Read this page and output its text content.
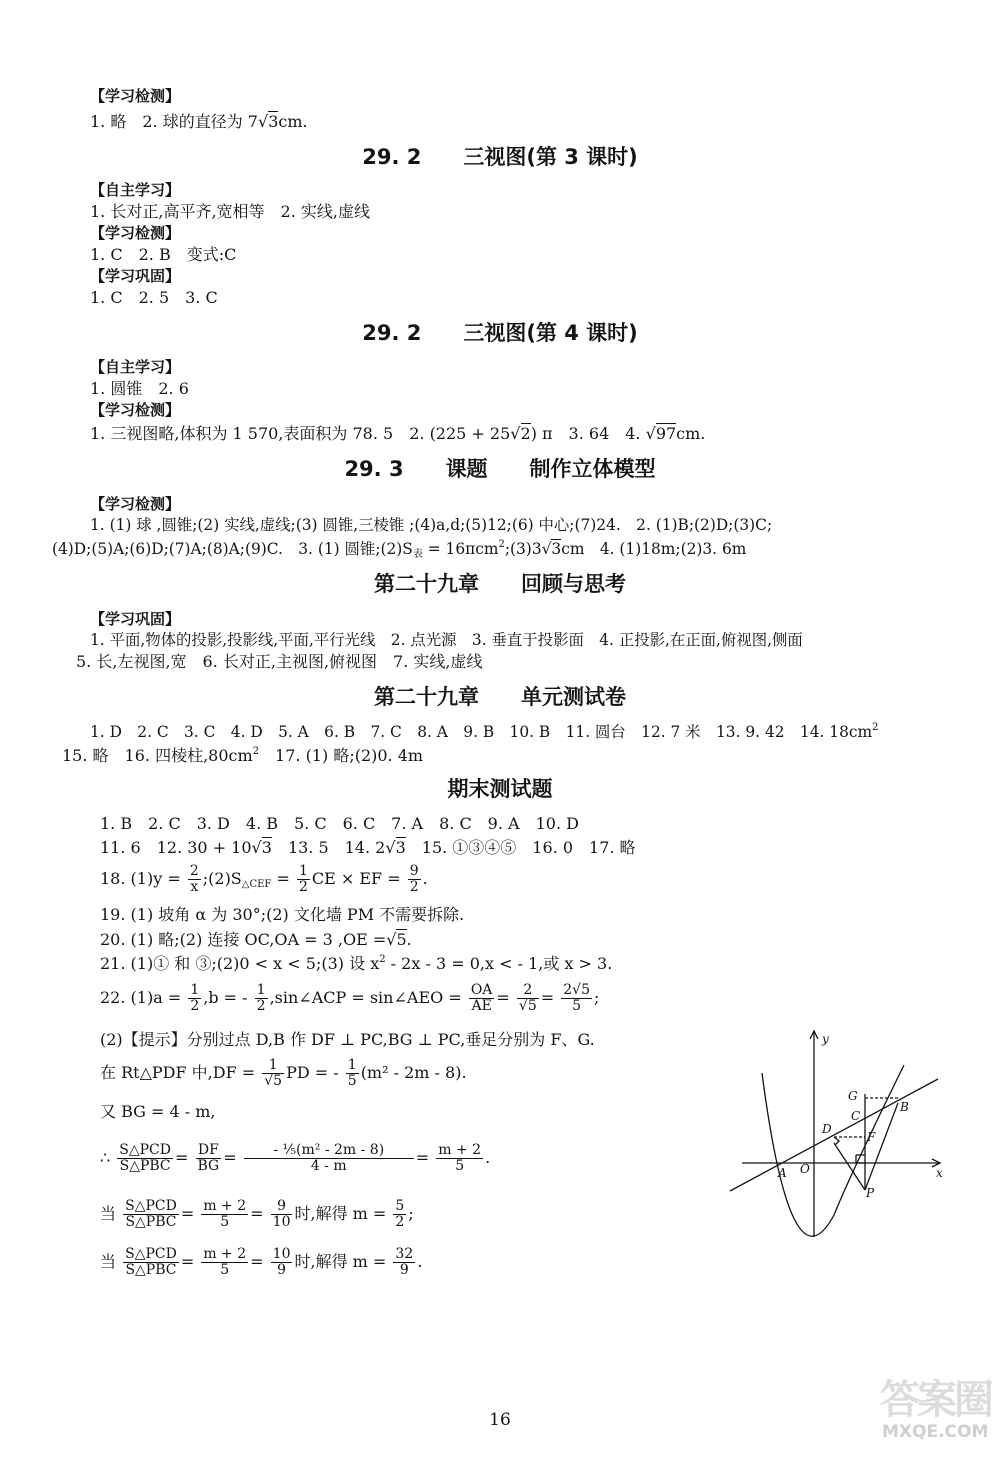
【学习检测】
1. 略　2. 球的直径为 7√3cm.
29. 2　　 三视图(第 3 课时)
【自主学习】
1. 长对正,高平齐,宽相等　2. 实线,虚线
【学习检测】
1. C　2. B　变式:C
【学习巩固】
1. C　2. 5　3. C
29. 2　　 三视图(第 4 课时)
【自主学习】
1. 圆锥　2. 6
【学习检测】
1. 三视图略,体积为 1 570,表面积为 78. 5　2. (225 + 25√2) π　3. 64　4. √97cm.
29. 3　　 课题　　制作立体模型
【学习检测】
1. (1) 球 ,圆锥;(2) 实线,虚线;(3) 圆锥,三棱锥 ;(4)a,d;(5)12;(6) 中心;(7)24.　2. (1)B;(2)D;(3)C;
(4)D;(5)A;(6)D;(7)A;(8)A;(9)C.　3. (1) 圆锥$;(2)S_表$ = 16πcm$^2$;(3)3√3cm　4. (1)18m;(2)3. 6m
第二十九章　　 回顾与思考
【学习巩固】
1. 平面,物体的投影,投影线,平面,平行光线　2. 点光源　3. 垂直于投影面　4. 正投影,在正面,俯视图,侧面
5. 长,左视图,宽　6. 长对正,主视图,俯视图　7. 实线,虚线
第二十九章　　 单元测试卷
1. D　2. C　3. C　4. D　5. A　6. B　7. C　8. A　9. B　10. B　11. 圆台　12. 7 米　13. 9. 42　14. $18cm^2$
15. 略　16. 四棱柱$,80cm^2$　17. (1) 略;(2)0. 4m
期末测试题
1. B　2. C　3. D　4. B　5. C　6. C　7. A　8. C　9. A　10. D
11. 6　12. 30 + 10√3　13. 5　14. 2√3　15. ①③④⑤　16. 0　17. 略
18. $(1)y = \frac{2}{x}$ $;(2)S_{\triangle CEF} = \frac{1}{2}$ CE × EF = $\frac{9}{2}$ .
19. (1) 坡角 α 为 30°;(2) 文化墙 PM 不需要拆除.
20. (1) 略;(2) 连接 OC,OA = 3 ,OE =√5.
21. (1)① 和 ③;(2)0 < x < 5;(3) 设 $x^2 - 2x - 3 = 0,x$ < - 1,或 x > 3.
22. $(1)a = \frac{1}{2} ,b$ = - $\frac{1}{2}$ ,sin∠ACP = sin∠AEO = $\frac{OA}{AE} = \frac{2}{√5} = \frac{2√5}{5}$ ;
(2)【提示】分别过点 D,B 作 DF ⊥ PC,BG ⊥ PC,垂足分别为 F、G.
在 Rt△PDF 中$,DF = \frac{1}{√5}$ PD = - $\frac{1}{5} (m^2 - 2m - 8)$.
又 BG = 4 - m,
∴ S△PCD
S△PBC = $\frac{DF}{BG} = \frac{\text{- ⅕(m² - 2m - 8)}}{4 - m} = \frac{m + 2}{5}$ .
当 S△PCD
S△PBC = $\frac{m + 2}{5} = \frac{9}{10}$ 时,解得 $m = \frac{5}{2}$ ;
当 S△PCD
S△PBC = $\frac{m + 2}{5} = \frac{10}{9}$ 时,解得 $m = \frac{32}{9}$ .
y
x
G
B
C
D
F
A O
P
16	答案圈
MXQE.COM
